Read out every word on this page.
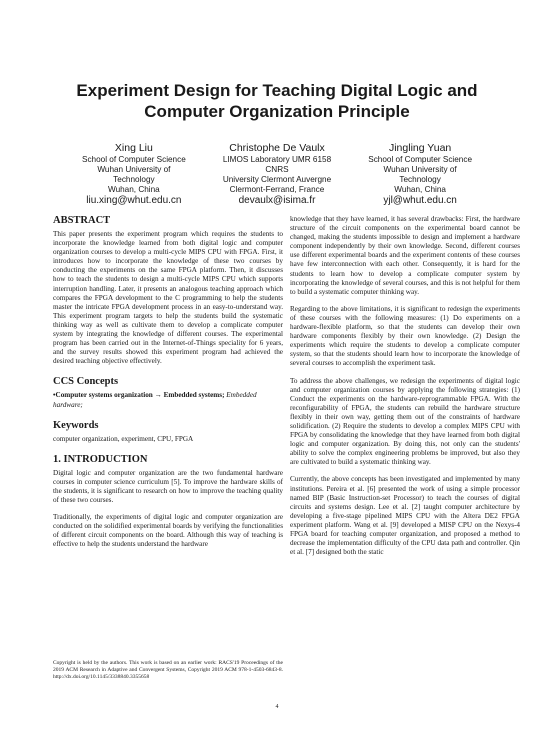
Experiment Design for Teaching Digital Logic and
Computer Organization Principle
Xing Liu
School of Computer Science
Wuhan University of
Technology
Wuhan, China
liu.xing@whut.edu.cn
Christophe De Vaulx
LIMOS Laboratory UMR 6158
CNRS
University Clermont Auvergne
Clermont-Ferrand, France
devaulx@isima.fr
Jingling Yuan
School of Computer Science
Wuhan University of
Technology
Wuhan, China
yjl@whut.edu.cn
ABSTRACT

This paper presents the experiment program which requires the students to incorporate the knowledge learned from both digital logic and computer organization courses to develop a multi-cycle MIPS CPU with FPGA. First, it introduces how to incorporate the knowledge of these two courses by conducting the experiments on the same FPGA platform. Then, it discusses how to teach the students to design a multi-cycle MIPS CPU which supports interruption handling. Later, it presents an analogous teaching approach which compares the FPGA development to the C programming to help the students master the intricate FPGA development process in an easy-to-understand way. This experiment program targets to help the students build the systematic thinking way as well as cultivate them to develop a complicate computer system by integrating the knowledge of different courses. The experimental program has been carried out in the Internet-of-Things speciality for 6 years, and the survey results showed this experiment program had achieved the desired teaching objective effectively.

CCS Concepts
•Computer systems organization → Embedded systems; Embedded hardware;
Keywords

computer organization, experiment, CPU, FPGA

1. INTRODUCTION

Digital logic and computer organization are the two fundamental hardware courses in computer science curriculum [5]. To improve the hardware skills of the students, it is significant to research on how to improve the teaching quality of these two courses.

Traditionally, the experiments of digital logic and computer organization are conducted on the solidified experimental boards by verifying the functionalities of different circuit components on the board. Although this way of teaching is effective to help the students understand the hardware

Copyright is held by the authors. This work is based on an earlier work: RACS'19 Proceedings of the 2019 ACM Research in Adaptive and Convergent Systems, Copyright 2019 ACM 978-1-4503-6843-8. http://dx.doi.org/10.1145/3338840.3355658

knowledge that they have learned, it has several drawbacks: First, the hardware structure of the circuit components on the experimental board cannot be changed, making the students impossible to design and implement a hardware component independently by their own knowledge. Second, different courses use different experimental boards and the experiment contents of these courses have few interconnection with each other. Consequently, it is hard for the students to learn how to develop a complicate computer system by incorporating the knowledge of several courses, and this is not helpful for them to build a systematic computer thinking way.

Regarding to the above limitations, it is significant to redesign the experiments of these courses with the following measures: (1) Do experiments on a hardware-flexible platform, so that the students can develop their own hardware components flexibly by their own knowledge. (2) Design the experiments which require the students to develop a complicate computer system, so that the students should learn how to incorporate the knowledge of several courses to accomplish the experiment task.

To address the above challenges, we redesign the experiments of digital logic and computer organization courses by applying the following strategies: (1) Conduct the experiments on the hardware-reprogrammable FPGA. With the reconfigurability of FPGA, the students can rebuild the hardware structure flexibly in their own way, getting them out of the constraints of hardware solidification. (2) Require the students to develop a complex MIPS CPU with FPGA by consolidating the knowledge that they have learned from both digital logic and computer organization. By doing this, not only can the students' ability to solve the complex engineering problems be improved, but also they are cultivated to build a systematic thinking way.

Currently, the above concepts has been investigated and implemented by many institutions. Pereira et al. [6] presented the work of using a simple processor named BIP (Basic Instruction-set Processor) to teach the courses of digital circuits and systems design. Lee et al. [2] taught computer architecture by developing a five-stage pipelined MIPS CPU with the Altera DE2 FPGA experiment platform. Wang et al. [9] developed a MISP CPU on the Nexys-4 FPGA board for teaching computer organization, and proposed a method to decrease the implementation difficulty of the CPU data path and controller. Qin et al. [7] designed both the static

4
